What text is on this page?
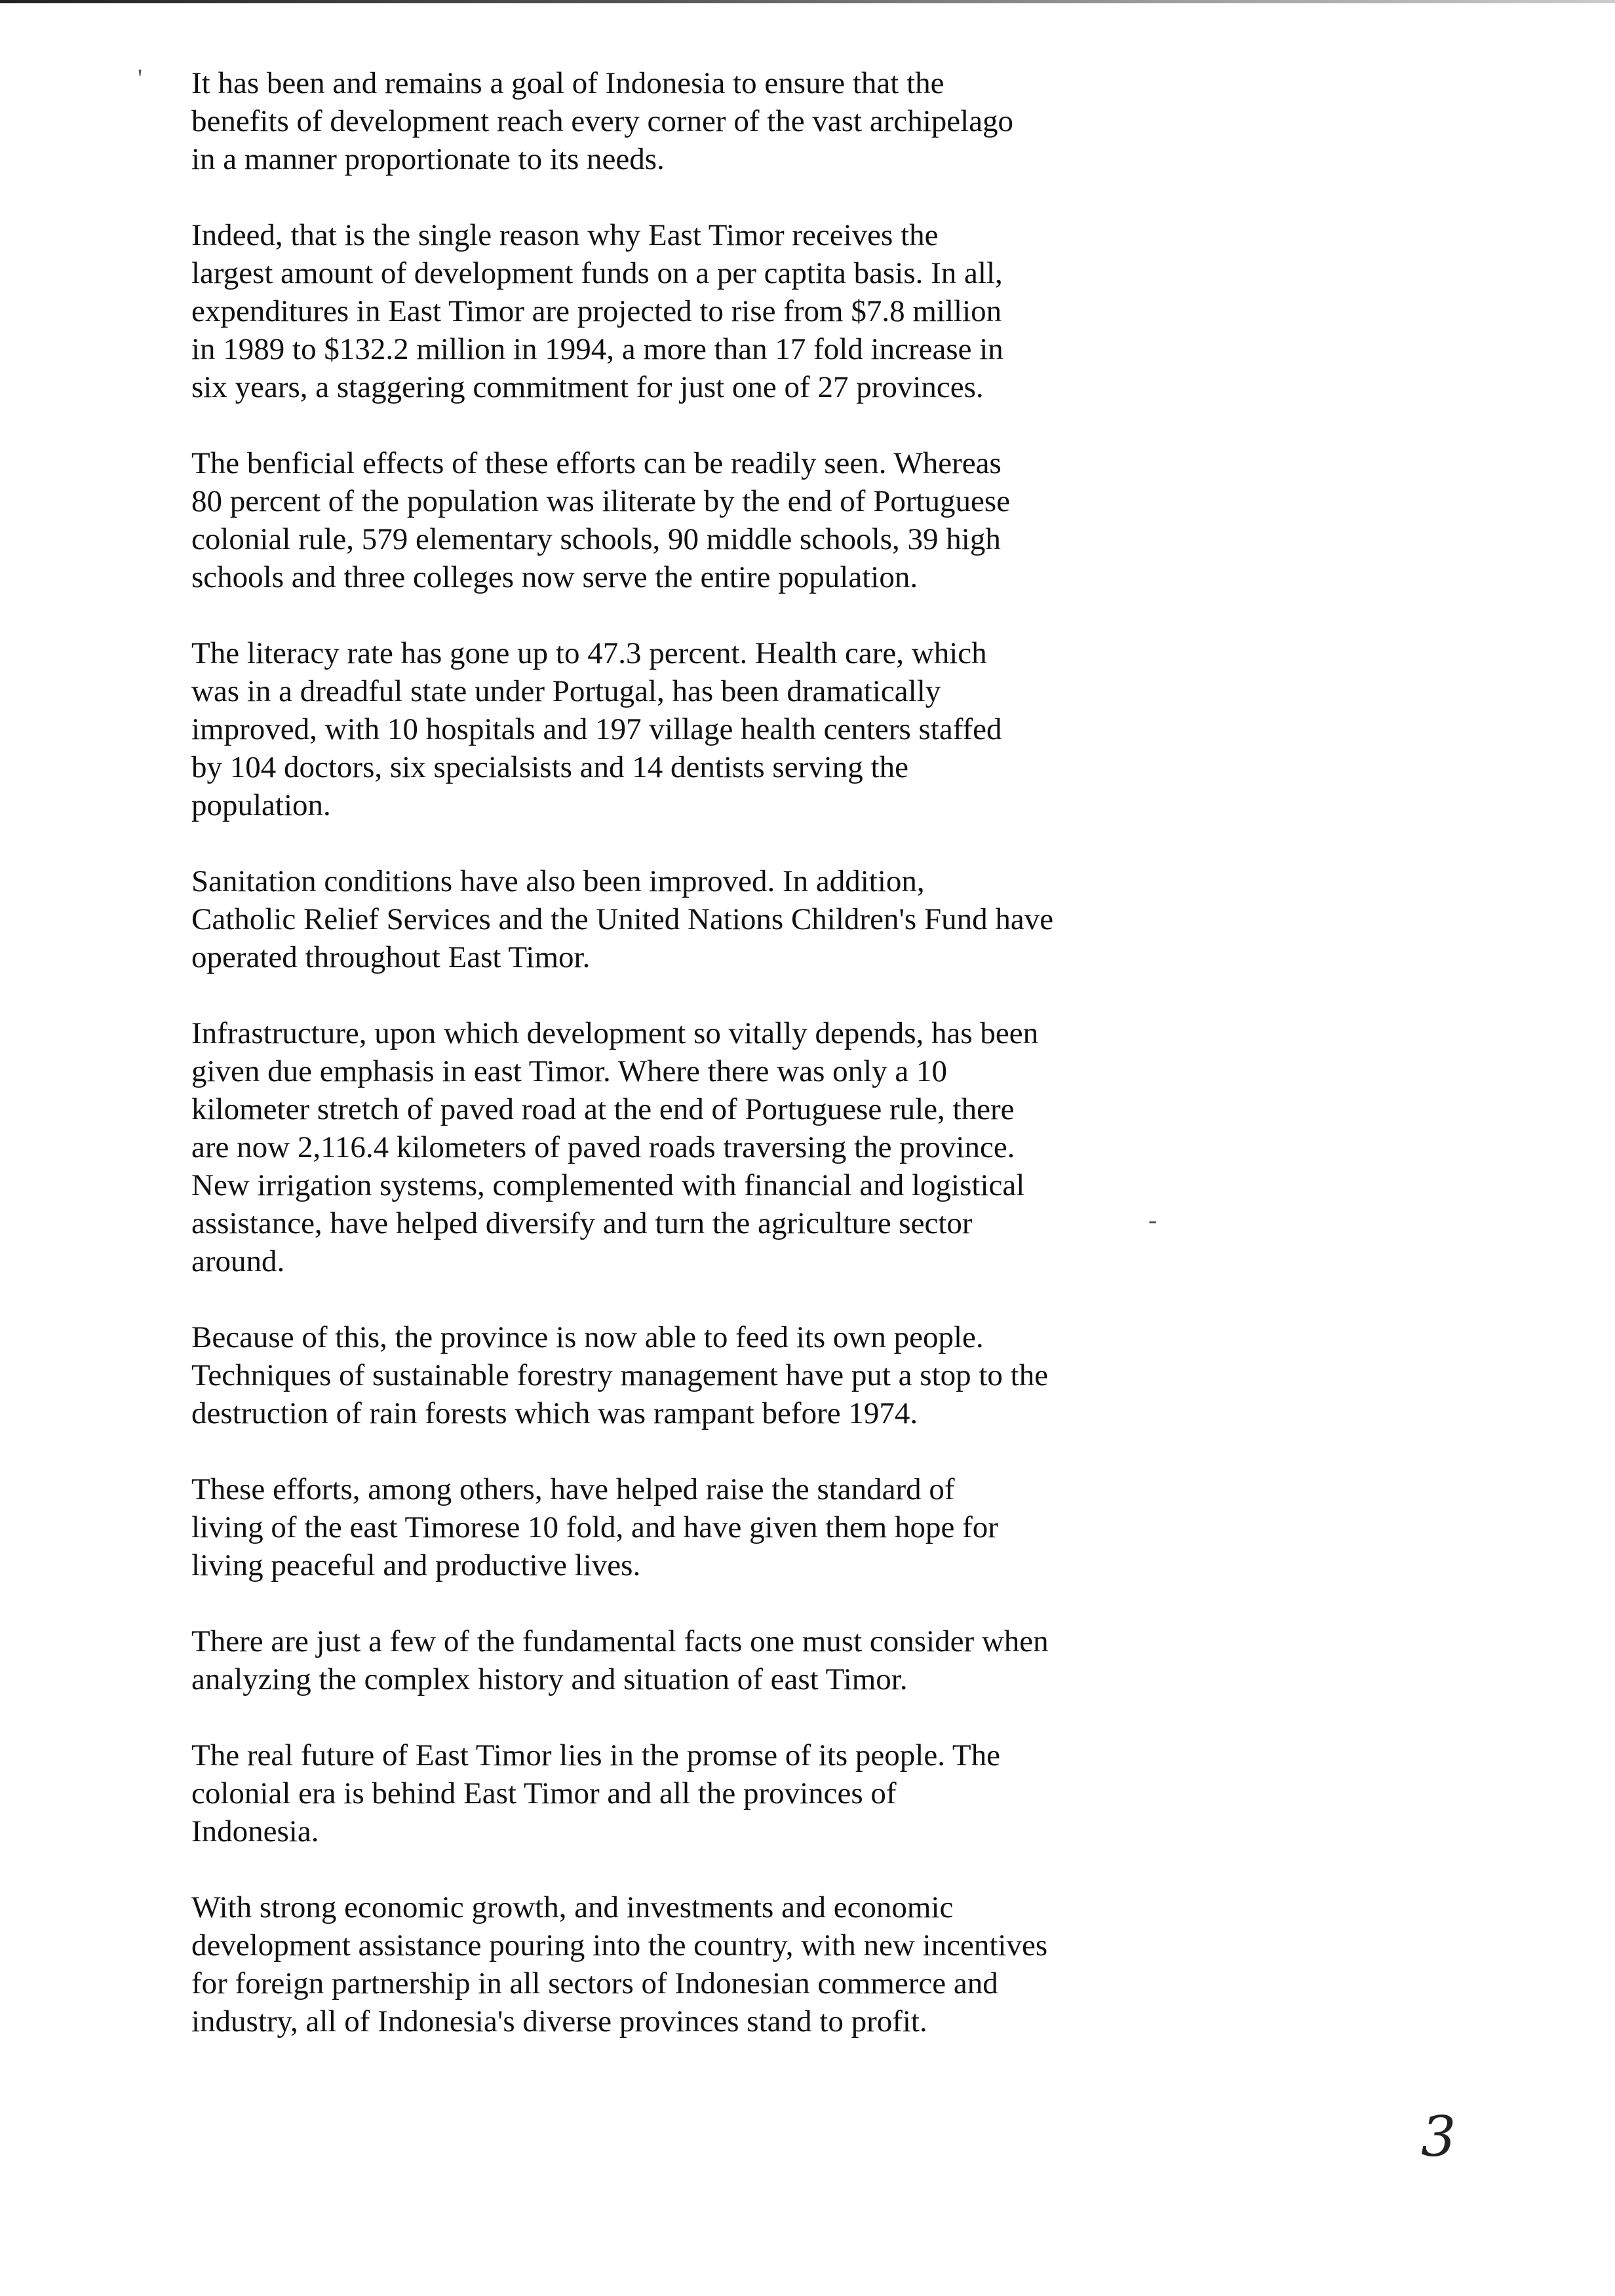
'
-

It has been and remains a goal of Indonesia to ensure that the
benefits of development reach every corner of the vast archipelago
in a manner proportionate to its needs.

Indeed, that is the single reason why East Timor receives the
largest amount of development funds on a per captita basis. In all,
expenditures in East Timor are projected to rise from $7.8 million
in 1989 to $132.2 million in 1994, a more than 17 fold increase in
six years, a staggering commitment for just one of 27 provinces.

The benficial effects of these efforts can be readily seen. Whereas
80 percent of the population was iliterate by the end of Portuguese
colonial rule, 579 elementary schools, 90 middle schools, 39 high
schools and three colleges now serve the entire population.

The literacy rate has gone up to 47.3 percent. Health care, which
was in a dreadful state under Portugal, has been dramatically
improved, with 10 hospitals and 197 village health centers staffed
by 104 doctors, six specialsists and 14 dentists serving the
population.

Sanitation conditions have also been improved. In addition,
Catholic Relief Services and the United Nations Children's Fund have
operated throughout East Timor.

Infrastructure, upon which development so vitally depends, has been
given due emphasis in east Timor. Where there was only a 10
kilometer stretch of paved road at the end of Portuguese rule, there
are now 2,116.4 kilometers of paved roads traversing the province.
New irrigation systems, complemented with financial and logistical
assistance, have helped diversify and turn the agriculture sector
around.

Because of this, the province is now able to feed its own people.
Techniques of sustainable forestry management have put a stop to the
destruction of rain forests which was rampant before 1974.

These efforts, among others, have helped raise the standard of
living of the east Timorese 10 fold, and have given them hope for
living peaceful and productive lives.

There are just a few of the fundamental facts one must consider when
analyzing the complex history and situation of east Timor.

The real future of East Timor lies in the promse of its people. The
colonial era is behind East Timor and all the provinces of
Indonesia.

With strong economic growth, and investments and economic
development assistance pouring into the country, with new incentives
for foreign partnership in all sectors of Indonesian commerce and
industry, all of Indonesia's diverse provinces stand to profit.

3
